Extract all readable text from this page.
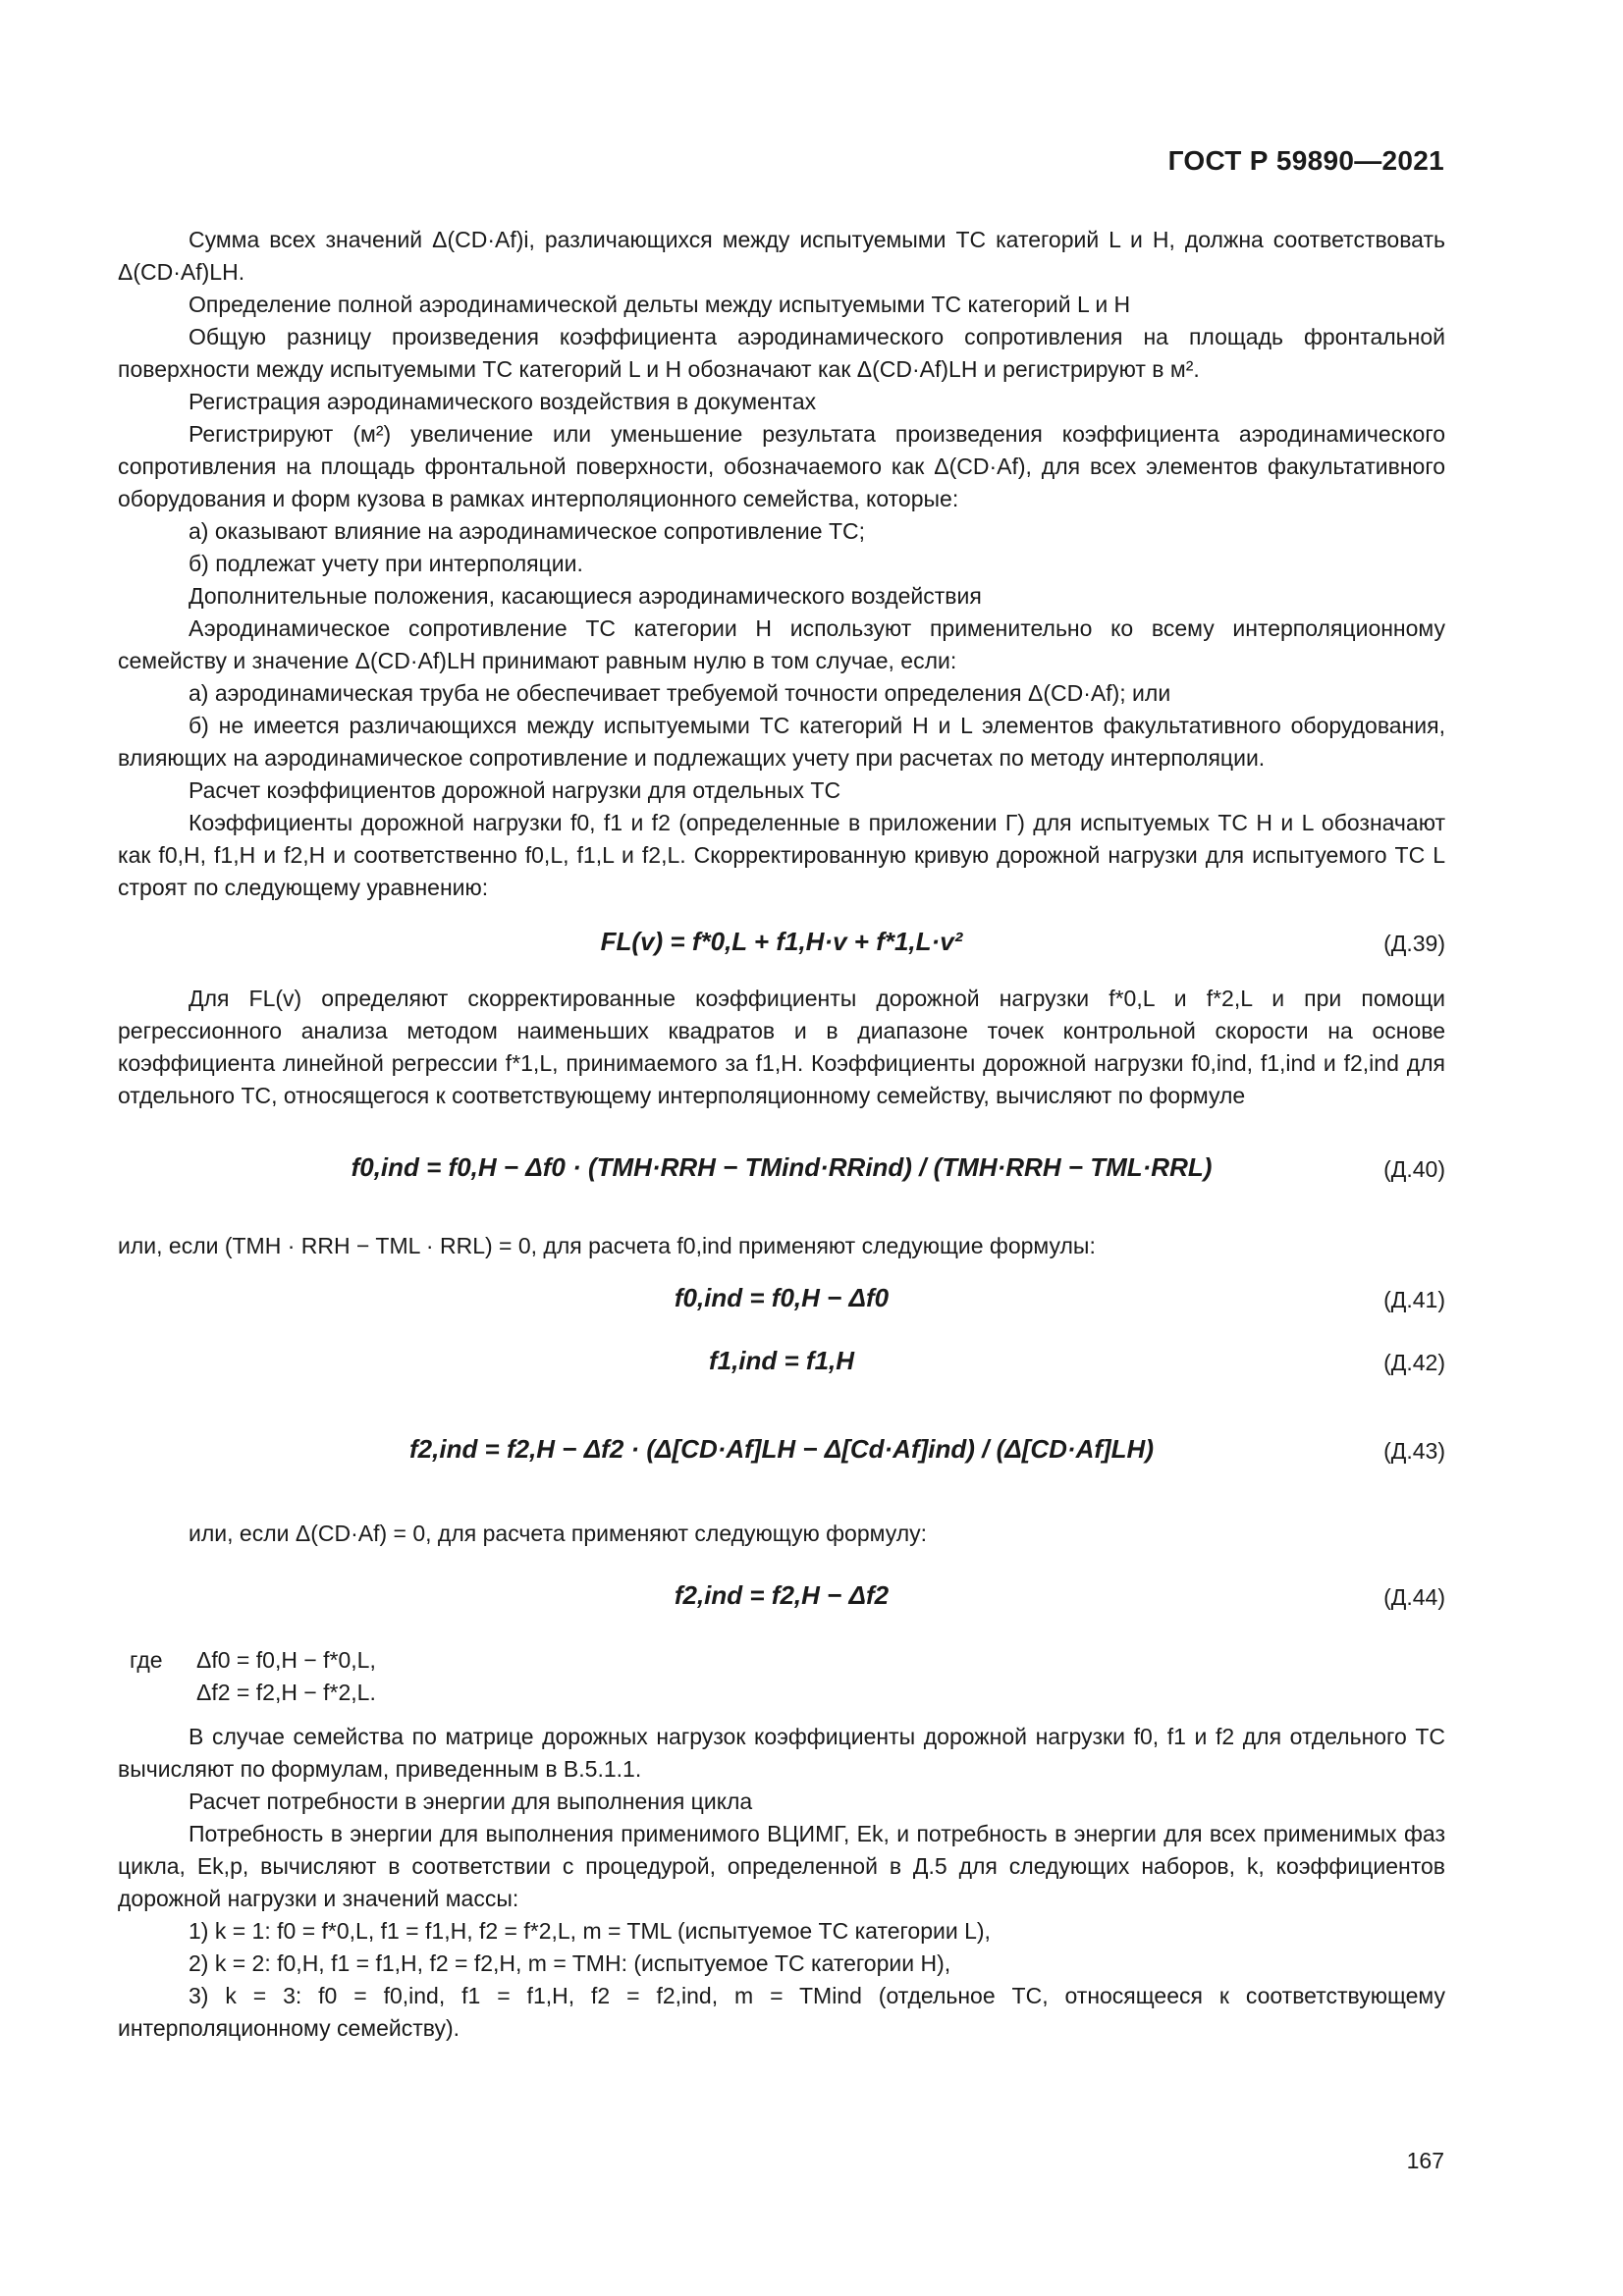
ГОСТ Р 59890—2021

Сумма всех значений Δ(CD·Af)i, различающихся между испытуемыми ТС категорий L и H, должна соответствовать Δ(CD·Af)LH.

Определение полной аэродинамической дельты между испытуемыми ТС категорий L и H

Общую разницу произведения коэффициента аэродинамического сопротивления на площадь фронтальной поверхности между испытуемыми ТС категорий L и H обозначают как Δ(CD·Af)LH и регистрируют в м².

Регистрация аэродинамического воздействия в документах

Регистрируют (м²) увеличение или уменьшение результата произведения коэффициента аэродинамического сопротивления на площадь фронтальной поверхности, обозначаемого как Δ(CD·Af), для всех элементов факультативного оборудования и форм кузова в рамках интерполяционного семейства, которые:

а) оказывают влияние на аэродинамическое сопротивление ТС;

б) подлежат учету при интерполяции.

Дополнительные положения, касающиеся аэродинамического воздействия

Аэродинамическое сопротивление ТС категории H используют применительно ко всему интерполяционному семейству и значение Δ(CD·Af)LH принимают равным нулю в том случае, если:

а) аэродинамическая труба не обеспечивает требуемой точности определения Δ(CD·Af); или

б) не имеется различающихся между испытуемыми ТС категорий H и L элементов факультативного оборудования, влияющих на аэродинамическое сопротивление и подлежащих учету при расчетах по методу интерполяции.

Расчет коэффициентов дорожной нагрузки для отдельных ТС

Коэффициенты дорожной нагрузки f0, f1 и f2 (определенные в приложении Г) для испытуемых ТС H и L обозначают как f0,H, f1,H и f2,H и соответственно f0,L, f1,L и f2,L. Скорректированную кривую дорожной нагрузки для испытуемого ТС L строят по следующему уравнению:

FL(v) = f*0,L + f1,H·v + f*1,L·v²	(Д.39)

Для FL(v) определяют скорректированные коэффициенты дорожной нагрузки f*0,L и f*2,L и при помощи регрессионного анализа методом наименьших квадратов и в диапазоне точек контрольной скорости на основе коэффициента линейной регрессии f*1,L, принимаемого за f1,H. Коэффициенты дорожной нагрузки f0,ind, f1,ind и f2,ind для отдельного ТС, относящегося к соответствующему интерполяционному семейству, вычисляют по формуле

f0,ind = f0,H − Δf0 · (TMH·RRH − TMind·RRind) / (TMH·RRH − TML·RRL)	(Д.40)

или, если (TMH · RRH − TML · RRL) = 0, для расчета f0,ind применяют следующие формулы:

f0,ind = f0,H − Δf0	(Д.41)
f1,ind = f1,H	(Д.42)
f2,ind = f2,H − Δf2 · (Δ[CD·Af]LH − Δ[Cd·Af]ind) / (Δ[CD·Af]LH)	(Д.43)

или, если Δ(CD·Af) = 0, для расчета применяют следующую формулу:

f2,ind = f2,H − Δf2	(Д.44)
где Δf0 = f0,H − f*0,L,
Δf2 = f2,H − f*2,L.

В случае семейства по матрице дорожных нагрузок коэффициенты дорожной нагрузки f0, f1 и f2 для отдельного ТС вычисляют по формулам, приведенным в В.5.1.1.

Расчет потребности в энергии для выполнения цикла

Потребность в энергии для выполнения применимого ВЦИМГ, Ek, и потребность в энергии для всех применимых фаз цикла, Ek,p, вычисляют в соответствии с процедурой, определенной в Д.5 для следующих наборов, k, коэффициентов дорожной нагрузки и значений массы:

1) k = 1: f0 = f*0,L, f1 = f1,H, f2 = f*2,L, m = TML (испытуемое ТС категории L),

2) k = 2: f0,H, f1 = f1,H, f2 = f2,H, m = TMH: (испытуемое ТС категории H),

3) k = 3: f0 = f0,ind, f1 = f1,H, f2 = f2,ind, m = TMind (отдельное ТС, относящееся к соответствующему интерполяционному семейству).

167
